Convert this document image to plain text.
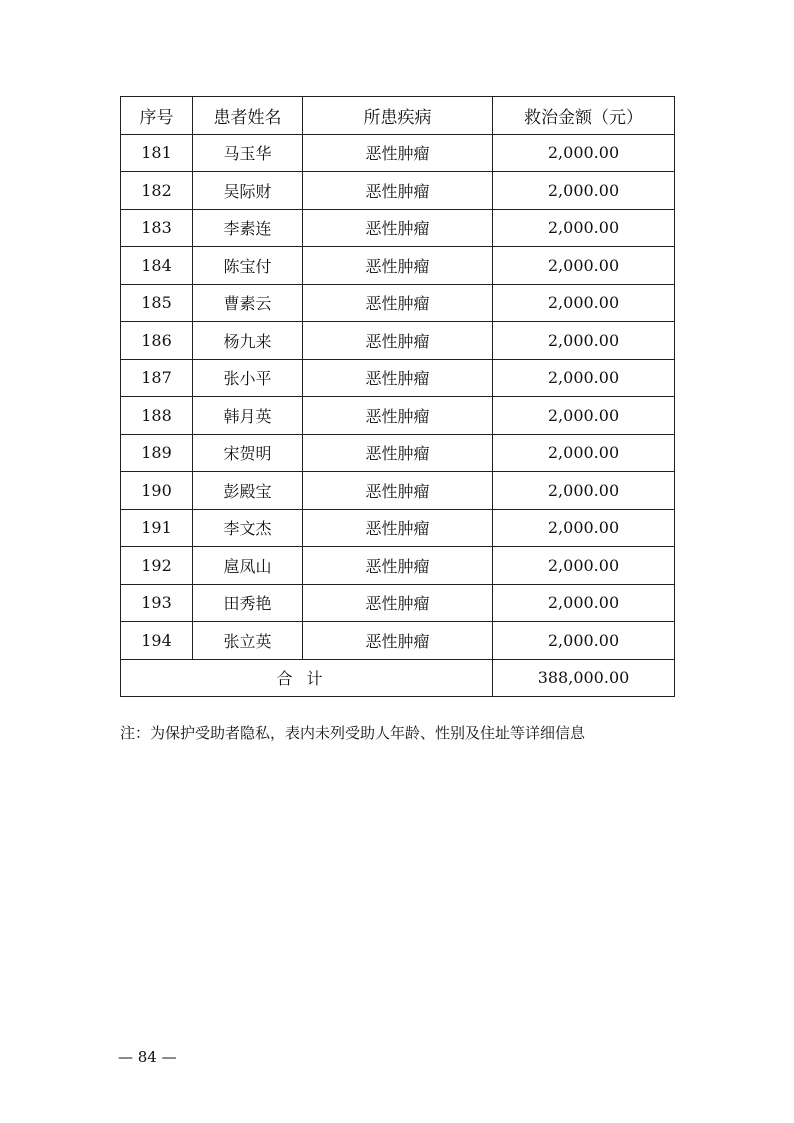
序号	患者姓名	所患疾病	救治金额（元）
181	马玉华	恶性肿瘤	2,000.00
182	吴际财	恶性肿瘤	2,000.00
183	李素连	恶性肿瘤	2,000.00
184	陈宝付	恶性肿瘤	2,000.00
185	曹素云	恶性肿瘤	2,000.00
186	杨九来	恶性肿瘤	2,000.00
187	张小平	恶性肿瘤	2,000.00
188	韩月英	恶性肿瘤	2,000.00
189	宋贺明	恶性肿瘤	2,000.00
190	彭殿宝	恶性肿瘤	2,000.00
191	李文杰	恶性肿瘤	2,000.00
192	扈凤山	恶性肿瘤	2,000.00
193	田秀艳	恶性肿瘤	2,000.00
194	张立英	恶性肿瘤	2,000.00
合计			388,000.00
注：为保护受助者隐私，表内未列受助人年龄、性别及住址等详细信息
— 84 —
